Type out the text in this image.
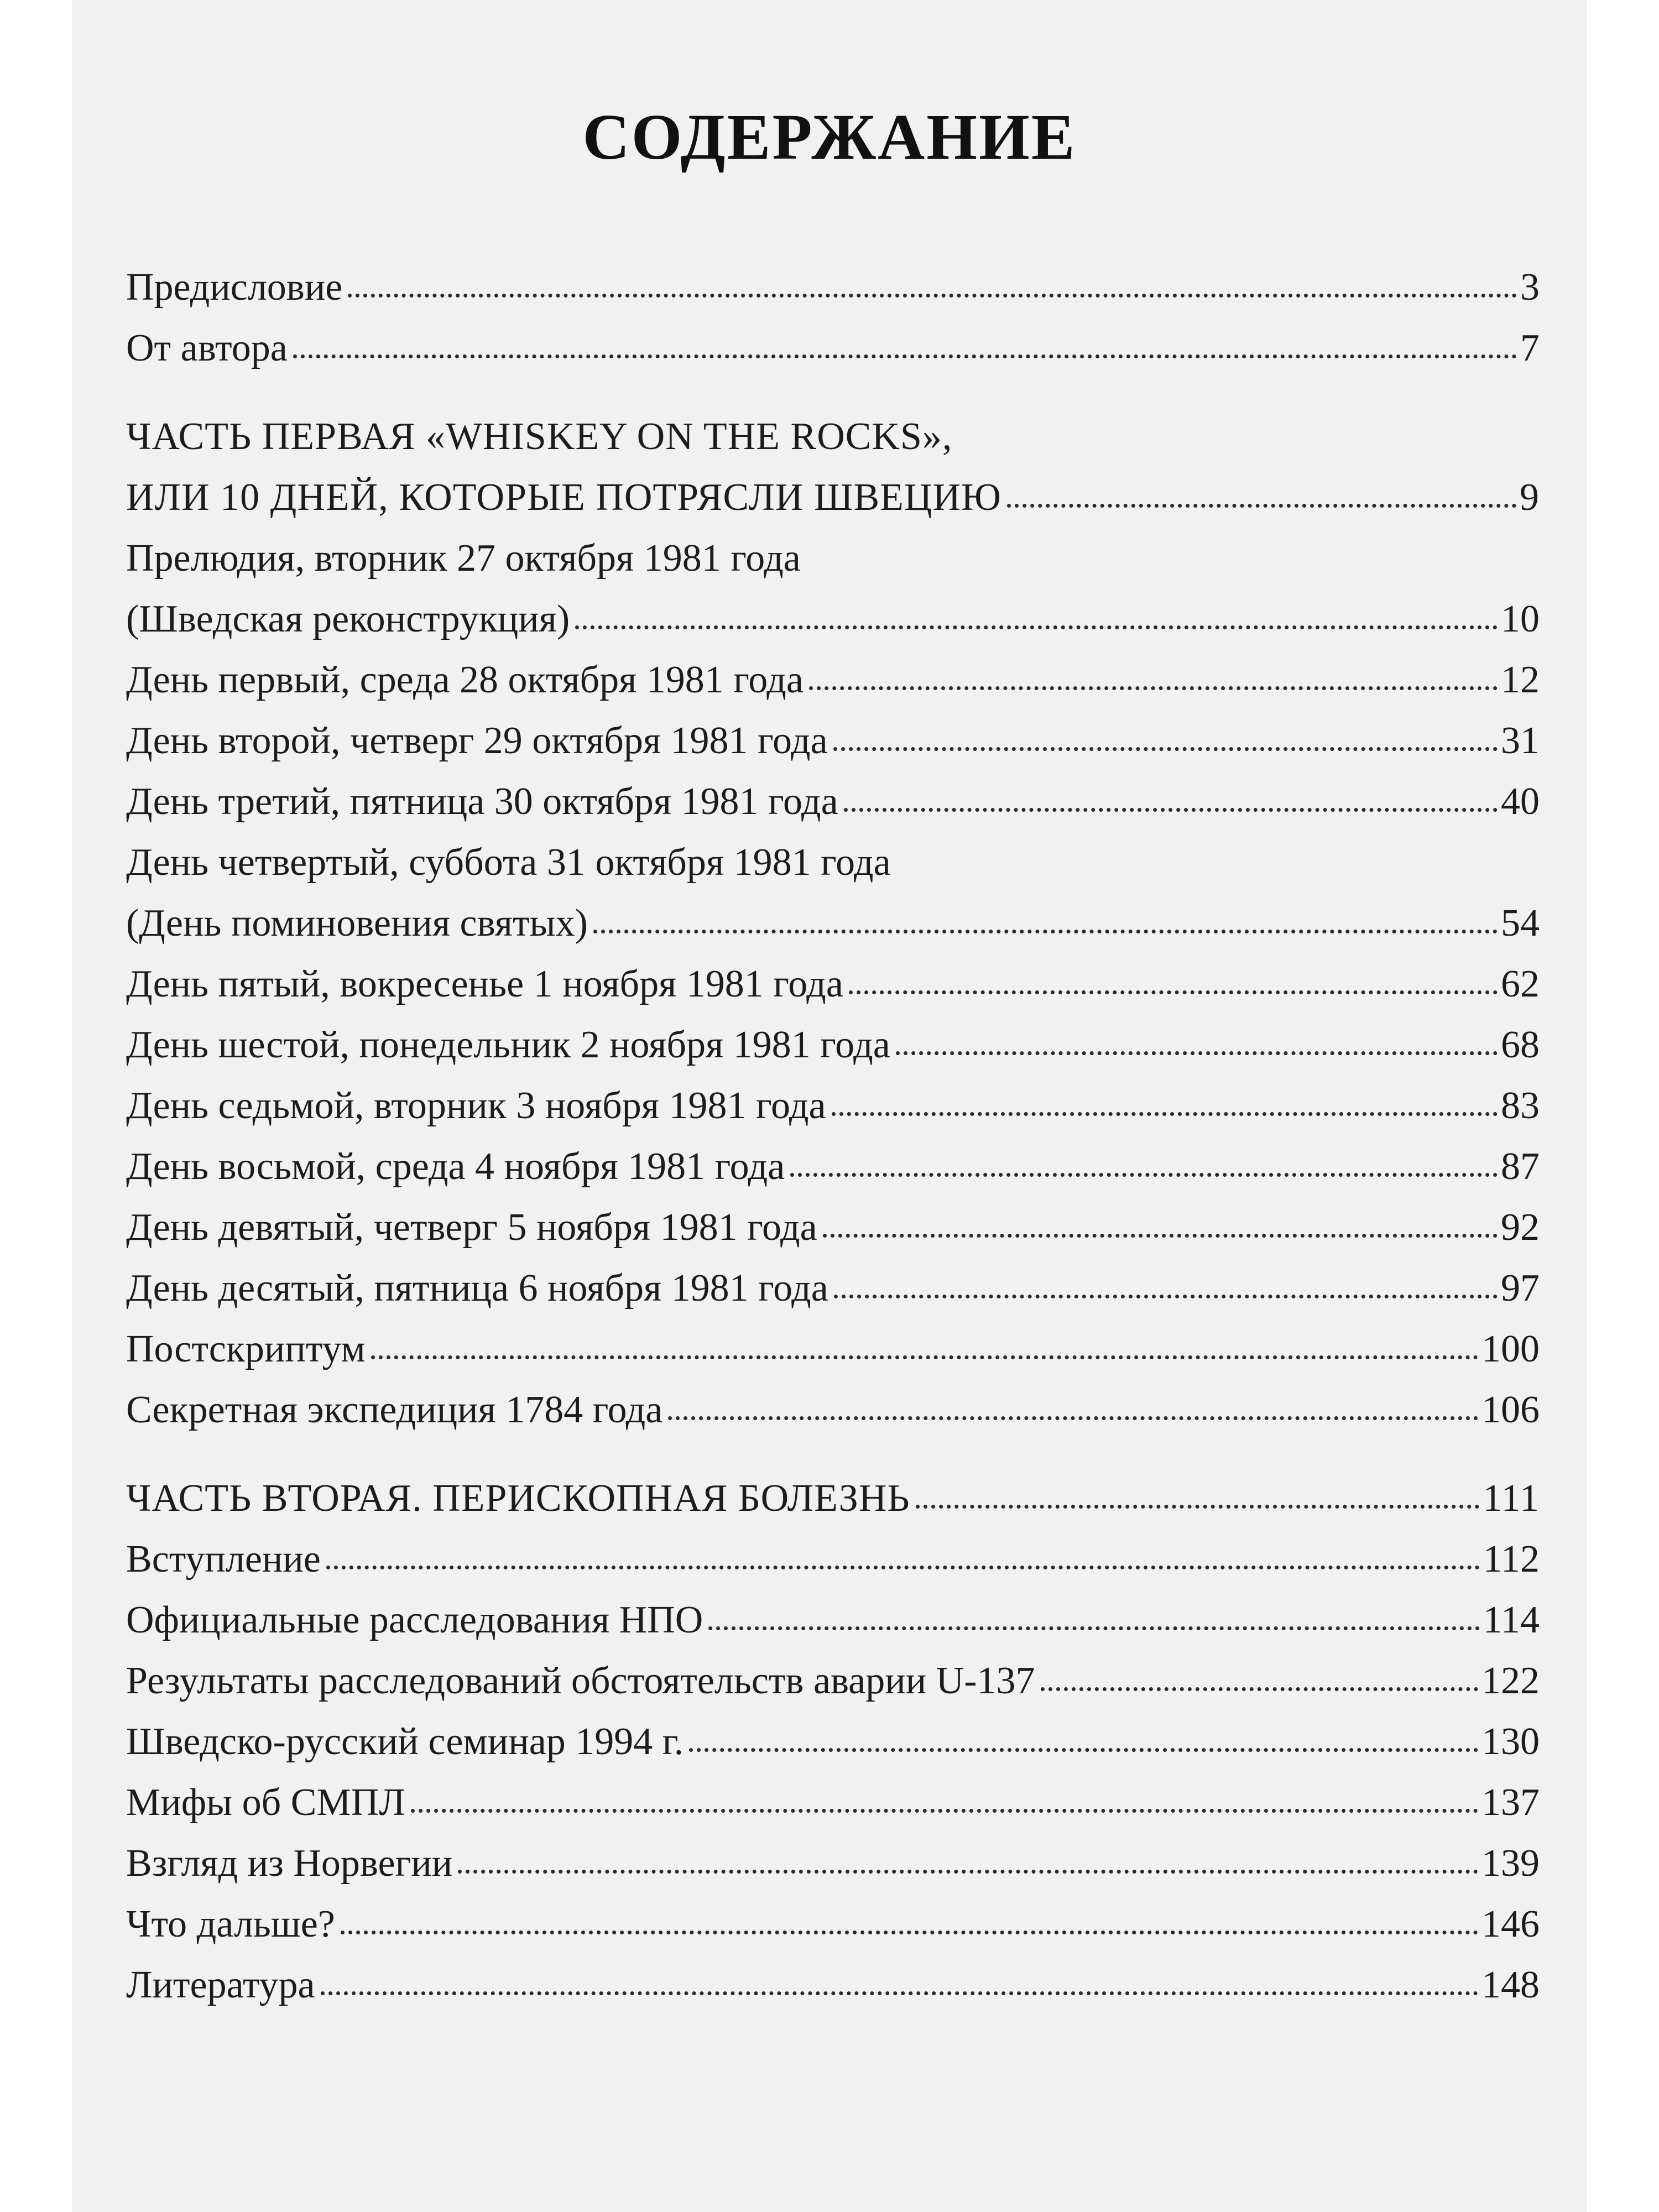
СОДЕРЖАНИЕ
Предисловие	3
От автора	7
ЧАСТЬ ПЕРВАЯ «WHISKEY ON THE ROCKS»,
ИЛИ 10 ДНЕЙ, КОТОРЫЕ ПОТРЯСЛИ ШВЕЦИЮ	9
Прелюдия, вторник 27 октября 1981 года
(Шведская реконструкция)	10
День первый, среда 28 октября 1981 года	12
День второй, четверг 29 октября 1981 года	31
День третий, пятница 30 октября 1981 года	40
День четвертый, суббота 31 октября 1981 года
(День поминовения святых)	54
День пятый, вокресенье 1 ноября 1981 года	62
День шестой, понедельник 2 ноября 1981 года	68
День седьмой, вторник 3 ноября 1981 года	83
День восьмой, среда 4 ноября 1981 года	87
День девятый, четверг 5 ноября 1981 года	92
День десятый, пятница 6 ноября 1981 года	97
Постскриптум	100
Секретная экспедиция 1784 года	106
ЧАСТЬ ВТОРАЯ. ПЕРИСКОПНАЯ БОЛЕЗНЬ	111
Вступление	112
Официальные расследования НПО	114
Результаты расследований обстоятельств аварии U-137	122
Шведско-русский семинар 1994 г.	130
Мифы об СМПЛ	137
Взгляд из Норвегии	139
Что дальше?	146
Литература	148
